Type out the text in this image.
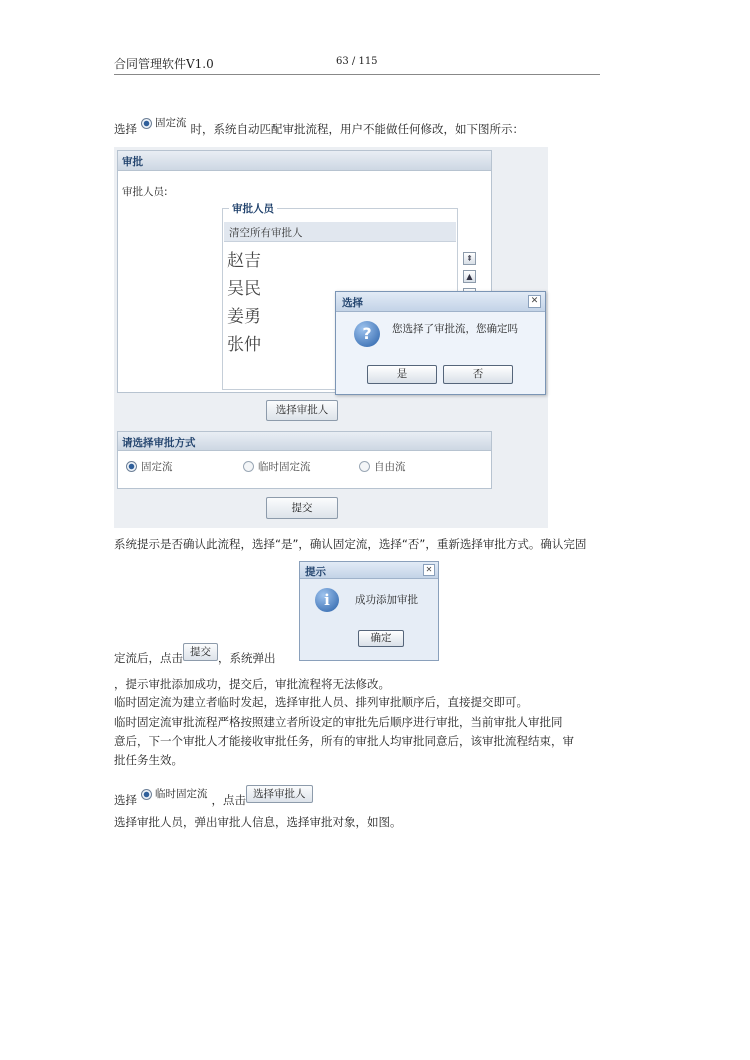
合同管理软件V1.0	63 / 115
选择 固定流 时，系统自动匹配审批流程，用户不能做任何修改，如下图所示：
审批
审批人员:
审批人员
清空所有审批人
赵吉
吴民
姜勇
张仲
⇞
▲
选择审批人
请选择审批方式
固定流	临时固定流	自由流
提交
选择	✕
?	您选择了审批流，您确定吗
是	否
系统提示是否确认此流程，选择“是”，确认固定流，选择“否”，重新选择审批方式。确认完固
提示	✕
i	成功添加审批
确定
定流后，点击 提交 ，系统弹出
，提示审批添加成功，提交后，审批流程将无法修改。
临时固定流为建立者临时发起，选择审批人员、排列审批顺序后，直接提交即可。
临时固定流审批流程严格按照建立者所设定的审批先后顺序进行审批，当前审批人审批同
意后，下一个审批人才能接收审批任务，所有的审批人均审批同意后，该审批流程结束，审
批任务生效。
选择 临时固定流 ，点击 选择审批人
选择审批人员，弹出审批人信息，选择审批对象，如图。
